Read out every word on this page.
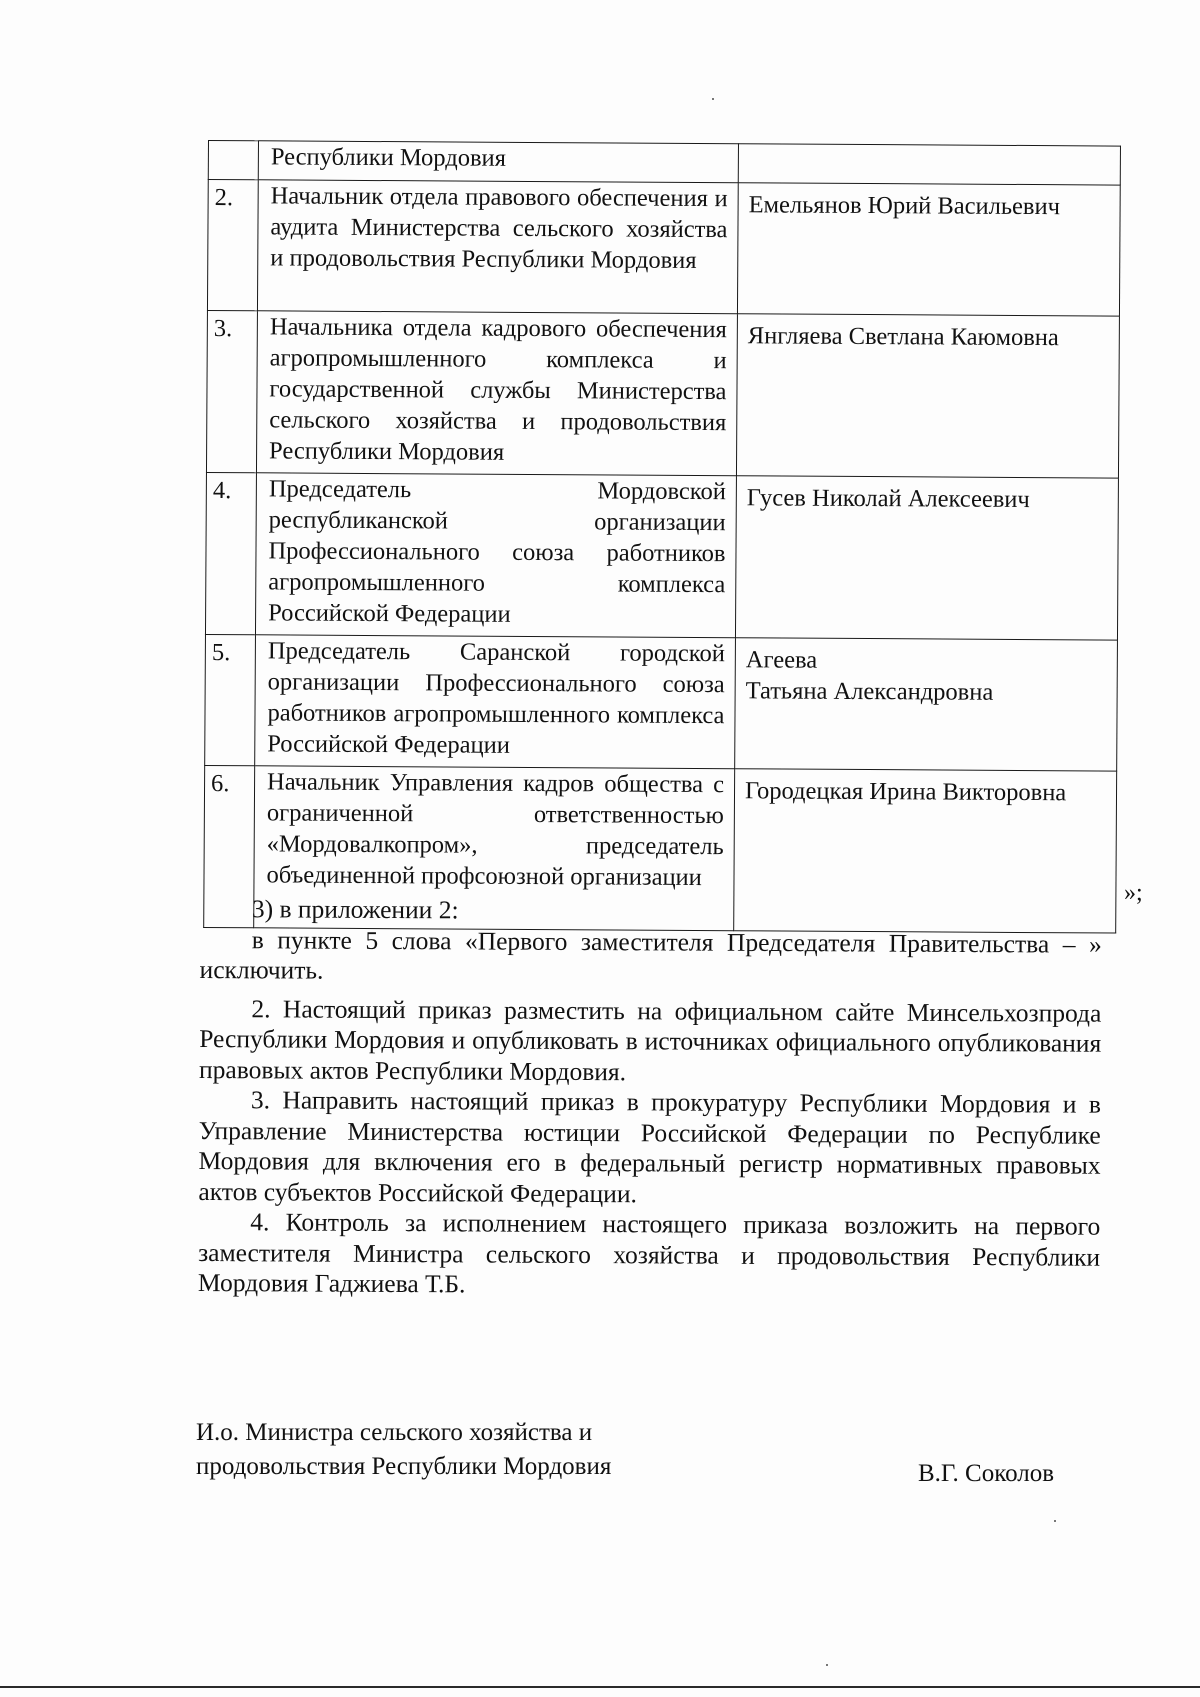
	Республики Мордовия	

2.	Начальник отдела правового обеспечения и аудита Министерства сельского хозяйства и продовольствия Республики Мордовия	Емельянов Юрий Васильевич

3.	Начальника отдела кадрового обеспечения агропромышленного комплекса и государственной службы Министерства сельского хозяйства и продовольствия Республики Мордовия	Янгляева Светлана Каюмовна

4.	Председатель Мордовской республиканской организации Профессионального союза работников агропромышленного комплекса Российской Федерации	Гусев Николай Алексеевич

5.	Председатель Саранской городской организации Профессионального союза работников агропромышленного комплекса Российской Федерации	Агеева
Татьяна Александровна

6.	Начальник Управления кадров общества с ограниченной ответственностью «Мордовалкопром», председатель объединенной профсоюзной организации	Городецкая Ирина Викторовна
»;

3) в приложении 2:

в пункте 5 слова «Первого заместителя Председателя Правительства – » исключить.

2. Настоящий приказ разместить на официальном сайте Минсельхозпрода Республики Мордовия и опубликовать в источниках официального опубликования правовых актов Республики Мордовия.

3. Направить настоящий приказ в прокуратуру Республики Мордовия и в Управление Министерства юстиции Российской Федерации по Республике Мордовия для включения его в федеральный регистр нормативных правовых актов субъектов Российской Федерации.

4. Контроль за исполнением настоящего приказа возложить на первого заместителя Министра сельского хозяйства и продовольствия Республики Мордовия Гаджиева Т.Б.

И.о. Министра сельского хозяйства и
продовольствия Республики Мордовия	В.Г. Соколов
